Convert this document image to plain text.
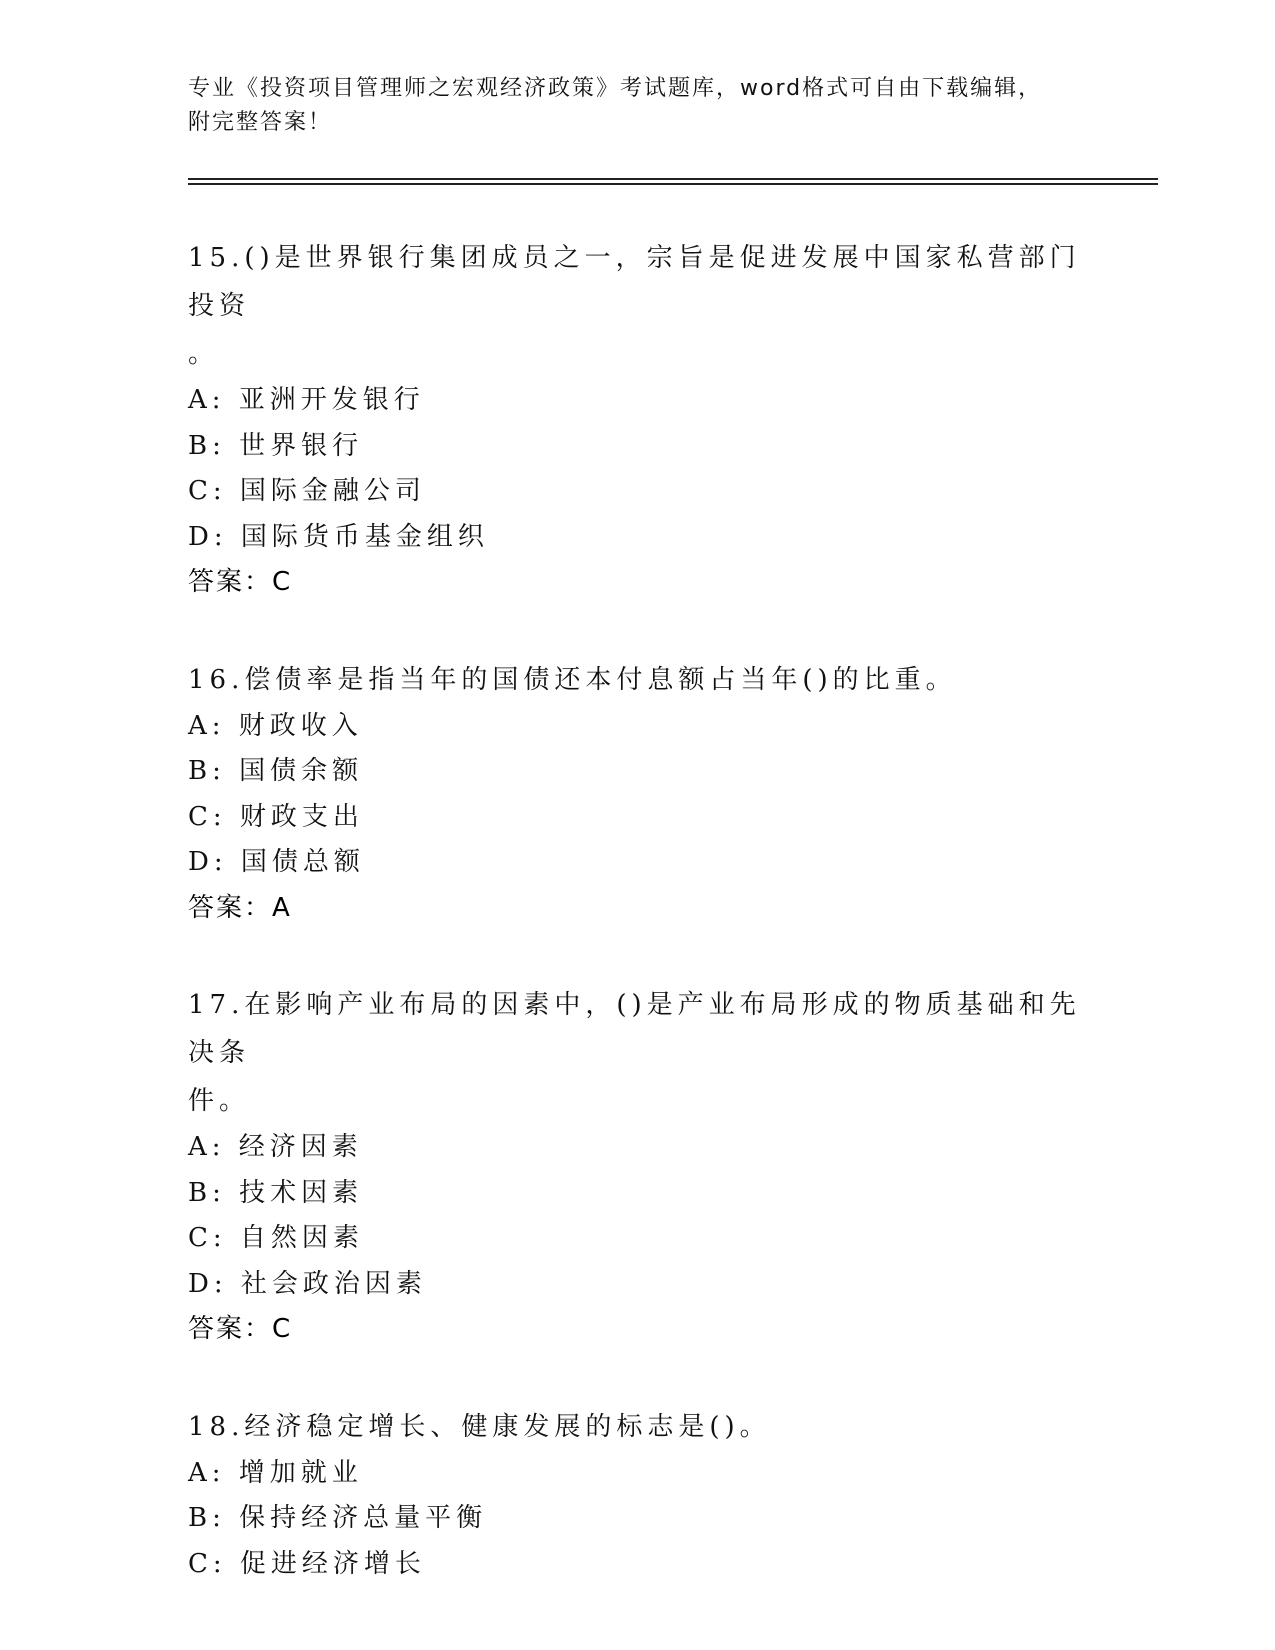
专业《投资项目管理师之宏观经济政策》考试题库，word格式可自由下载编辑，
附完整答案！
15.()是世界银行集团成员之一，宗旨是促进发展中国家私营部门投资
。
A: 亚洲开发银行
B: 世界银行
C: 国际金融公司
D: 国际货币基金组织
答案：C
16.偿债率是指当年的国债还本付息额占当年()的比重。
A: 财政收入
B: 国债余额
C: 财政支出
D: 国债总额
答案：A
17.在影响产业布局的因素中，()是产业布局形成的物质基础和先决条
件。
A: 经济因素
B: 技术因素
C: 自然因素
D: 社会政治因素
答案：C
18.经济稳定增长、健康发展的标志是()。
A: 增加就业
B: 保持经济总量平衡
C: 促进经济增长
